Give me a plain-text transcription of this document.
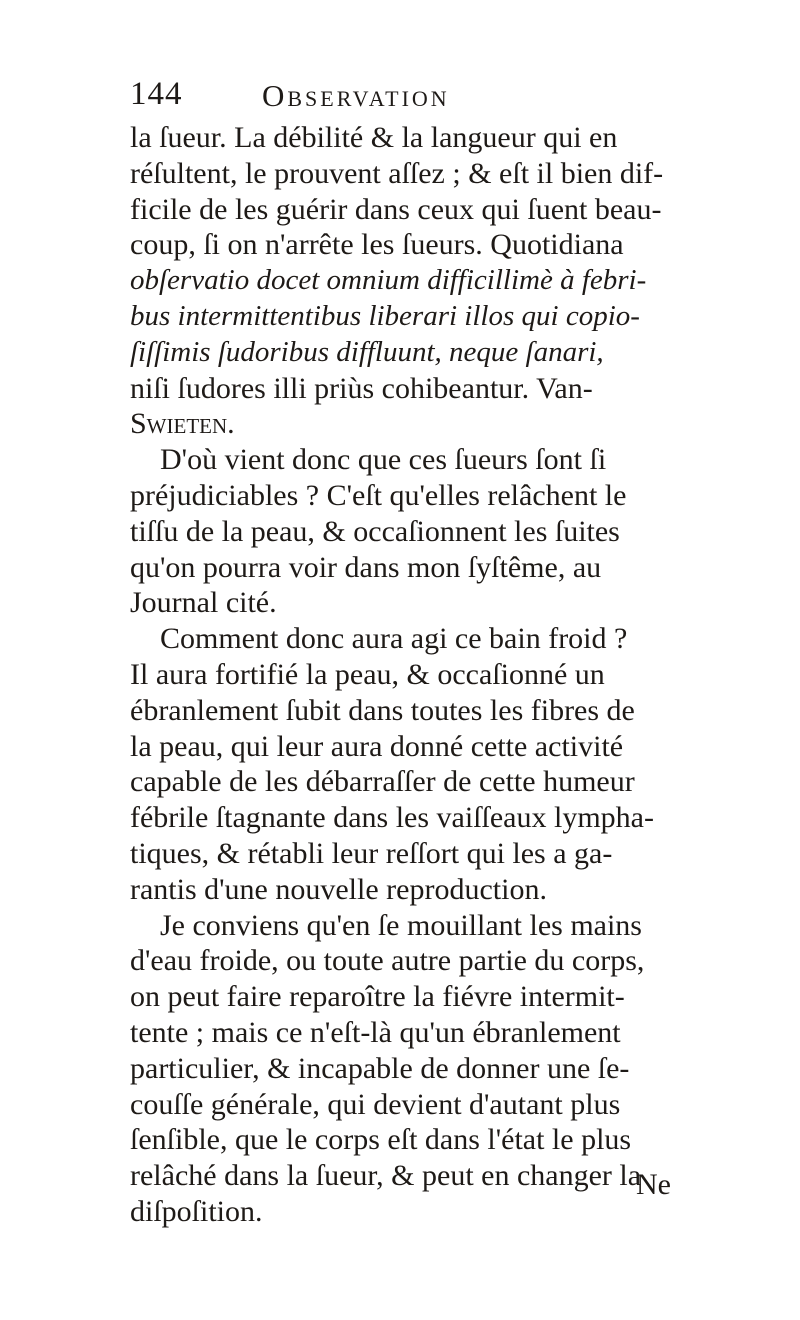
144	Observation
la ſueur. La débilité & la langueur qui en
réſultent, le prouvent aſſez ; & eſt il bien dif-
ficile de les guérir dans ceux qui ſuent beau-
coup, ſi on n'arrête les ſueurs. Quotidiana
obſervatio docet omnium difficillimè à febri-
bus intermittentibus liberari illos qui copio-
ſiſſimis ſudoribus diffluunt, neque ſanari,
niſi ſudores illi priùs cohibeantur. Van-
Swieten.
D'où vient donc que ces ſueurs ſont ſi
préjudiciables ? C'eſt qu'elles relâchent le
tiſſu de la peau, & occaſionnent les ſuites
qu'on pourra voir dans mon ſyſtême, au
Journal cité.
Comment donc aura agi ce bain froid ?
Il aura fortifié la peau, & occaſionné un
ébranlement ſubit dans toutes les fibres de
la peau, qui leur aura donné cette activité
capable de les débarraſſer de cette humeur
fébrile ſtagnante dans les vaiſſeaux lympha-
tiques, & rétabli leur reſſort qui les a ga-
rantis d'une nouvelle reproduction.
Je conviens qu'en ſe mouillant les mains
d'eau froide, ou toute autre partie du corps,
on peut faire reparoître la fiévre intermit-
tente ; mais ce n'eſt-là qu'un ébranlement
particulier, & incapable de donner une ſe-
couſſe générale, qui devient d'autant plus
ſenſible, que le corps eſt dans l'état le plus
relâché dans la ſueur, & peut en changer la
diſpoſition.
Ne
